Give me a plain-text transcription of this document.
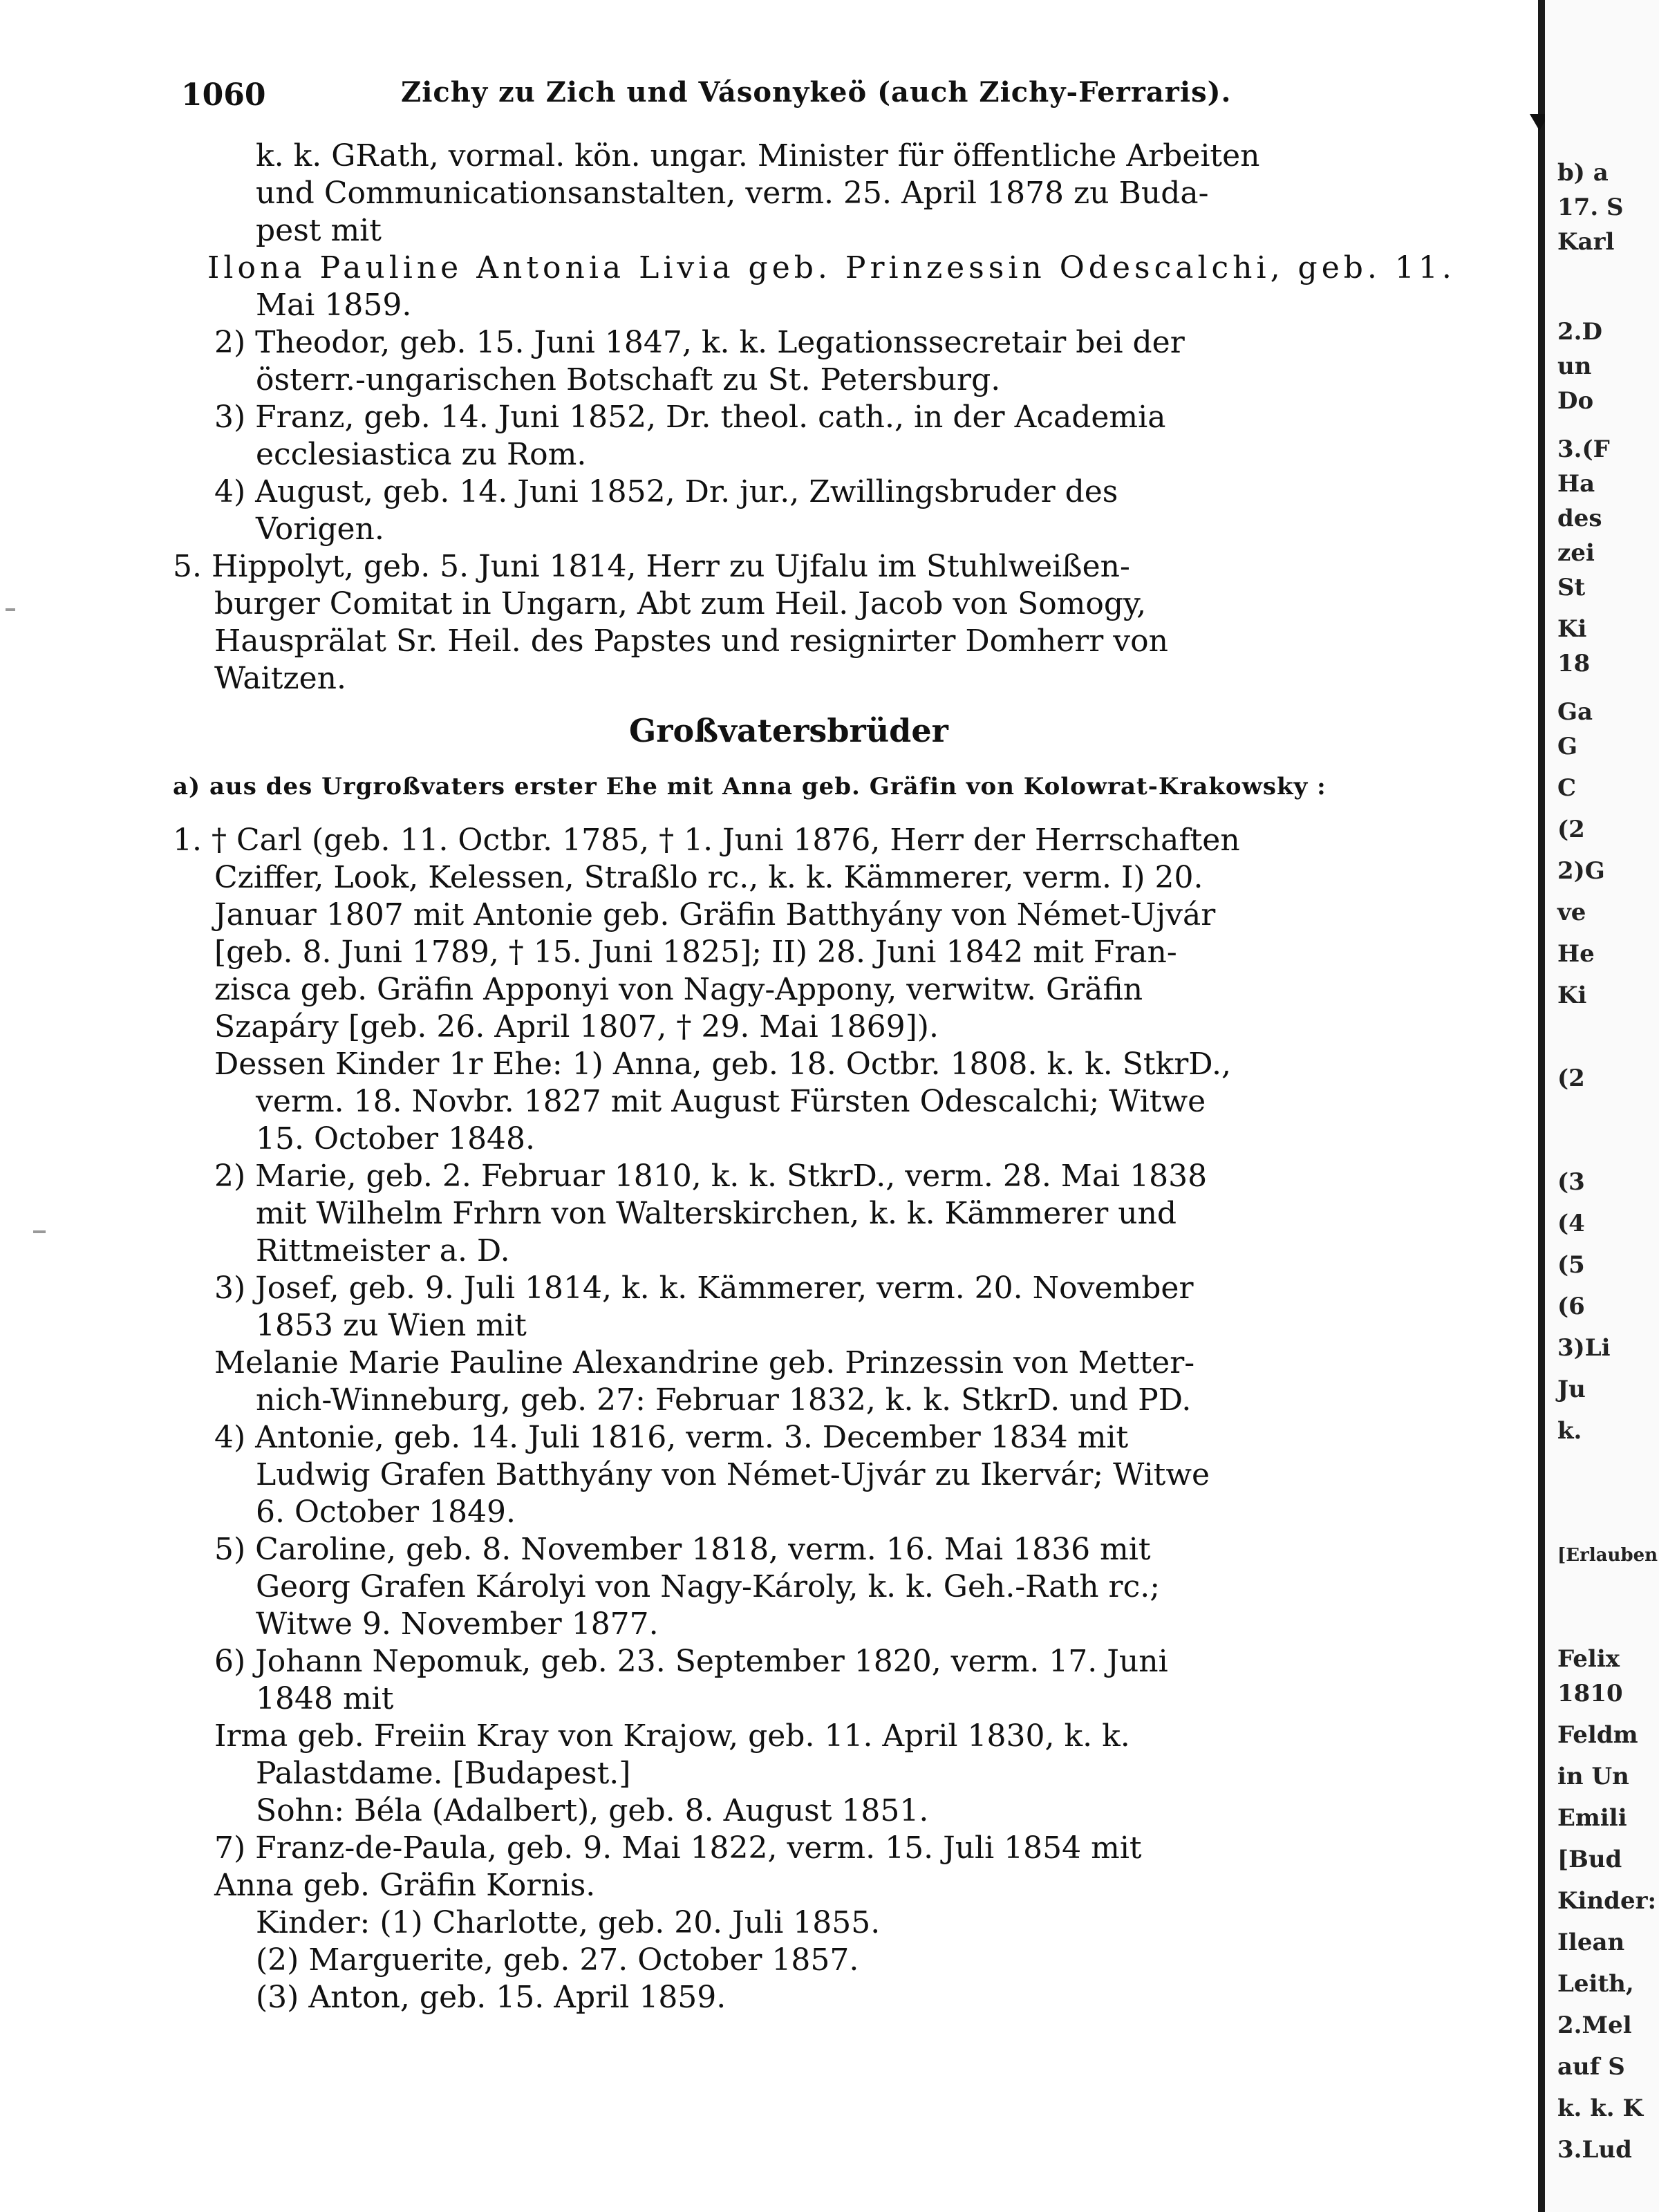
1060	Zichy zu Zich und Vásonykeö (auch Zichy-Ferraris).
k. k. GRath, vormal. kön. ungar. Minister für öffentliche Arbeiten
und Communicationsanstalten, verm. 25. April 1878 zu Buda-
pest mit
Ilona Pauline Antonia Livia geb. Prinzessin Odescalchi, geb. 11.
Mai 1859.
2) Theodor, geb. 15. Juni 1847, k. k. Legationssecretair bei der
österr.-ungarischen Botschaft zu St. Petersburg.
3) Franz, geb. 14. Juni 1852, Dr. theol. cath., in der Academia
ecclesiastica zu Rom.
4) August, geb. 14. Juni 1852, Dr. jur., Zwillingsbruder des
Vorigen.
5. Hippolyt, geb. 5. Juni 1814, Herr zu Ujfalu im Stuhlweißen-
burger Comitat in Ungarn, Abt zum Heil. Jacob von Somogy,
Hausprälat Sr. Heil. des Papstes und resignirter Domherr von
Waitzen.
Großvatersbrüder
a) aus des Urgroßvaters erster Ehe mit Anna geb. Gräfin von Kolowrat-Krakowsky :
1. † Carl (geb. 11. Octbr. 1785, † 1. Juni 1876, Herr der Herrschaften
Cziffer, Look, Kelessen, Straßlo rc., k. k. Kämmerer, verm. I) 20.
Januar 1807 mit Antonie geb. Gräfin Batthyány von Német-Ujvár
[geb. 8. Juni 1789, † 15. Juni 1825]; II) 28. Juni 1842 mit Fran-
zisca geb. Gräfin Apponyi von Nagy-Appony, verwitw. Gräfin
Szapáry [geb. 26. April 1807, † 29. Mai 1869]).
Dessen Kinder 1r Ehe: 1) Anna, geb. 18. Octbr. 1808. k. k. StkrD.,
verm. 18. Novbr. 1827 mit August Fürsten Odescalchi; Witwe
15. October 1848.
2) Marie, geb. 2. Februar 1810, k. k. StkrD., verm. 28. Mai 1838
mit Wilhelm Frhrn von Walterskirchen, k. k. Kämmerer und
Rittmeister a. D.
3) Josef, geb. 9. Juli 1814, k. k. Kämmerer, verm. 20. November
1853 zu Wien mit
Melanie Marie Pauline Alexandrine geb. Prinzessin von Metter-
nich-Winneburg, geb. 27: Februar 1832, k. k. StkrD. und PD.
4) Antonie, geb. 14. Juli 1816, verm. 3. December 1834 mit
Ludwig Grafen Batthyány von Német-Ujvár zu Ikervár; Witwe
6. October 1849.
5) Caroline, geb. 8. November 1818, verm. 16. Mai 1836 mit
Georg Grafen Károlyi von Nagy-Károly, k. k. Geh.-Rath rc.;
Witwe 9. November 1877.
6) Johann Nepomuk, geb. 23. September 1820, verm. 17. Juni
1848 mit
Irma geb. Freiin Kray von Krajow, geb. 11. April 1830, k. k.
Palastdame. [Budapest.]
Sohn: Béla (Adalbert), geb. 8. August 1851.
7) Franz-de-Paula, geb. 9. Mai 1822, verm. 15. Juli 1854 mit
Anna geb. Gräfin Kornis.
Kinder: (1) Charlotte, geb. 20. Juli 1855.
(2) Marguerite, geb. 27. October 1857.
(3) Anton, geb. 15. April 1859.
b) a
17. S
Karl
2.D
un
Do
3.(F
Ha
des
zei
St
Ki
18
Ga
G
C
(2
2)G
ve
He
Ki
(2
(3
(4
(5
(6
3)Li
Ju
k.
[Erlauben
Felix
1810
Feldm
in Un
Emili
[Bud
Kinder:
Ilean
Leith,
2.Mel
auf S
k. k. K
3.Lud
